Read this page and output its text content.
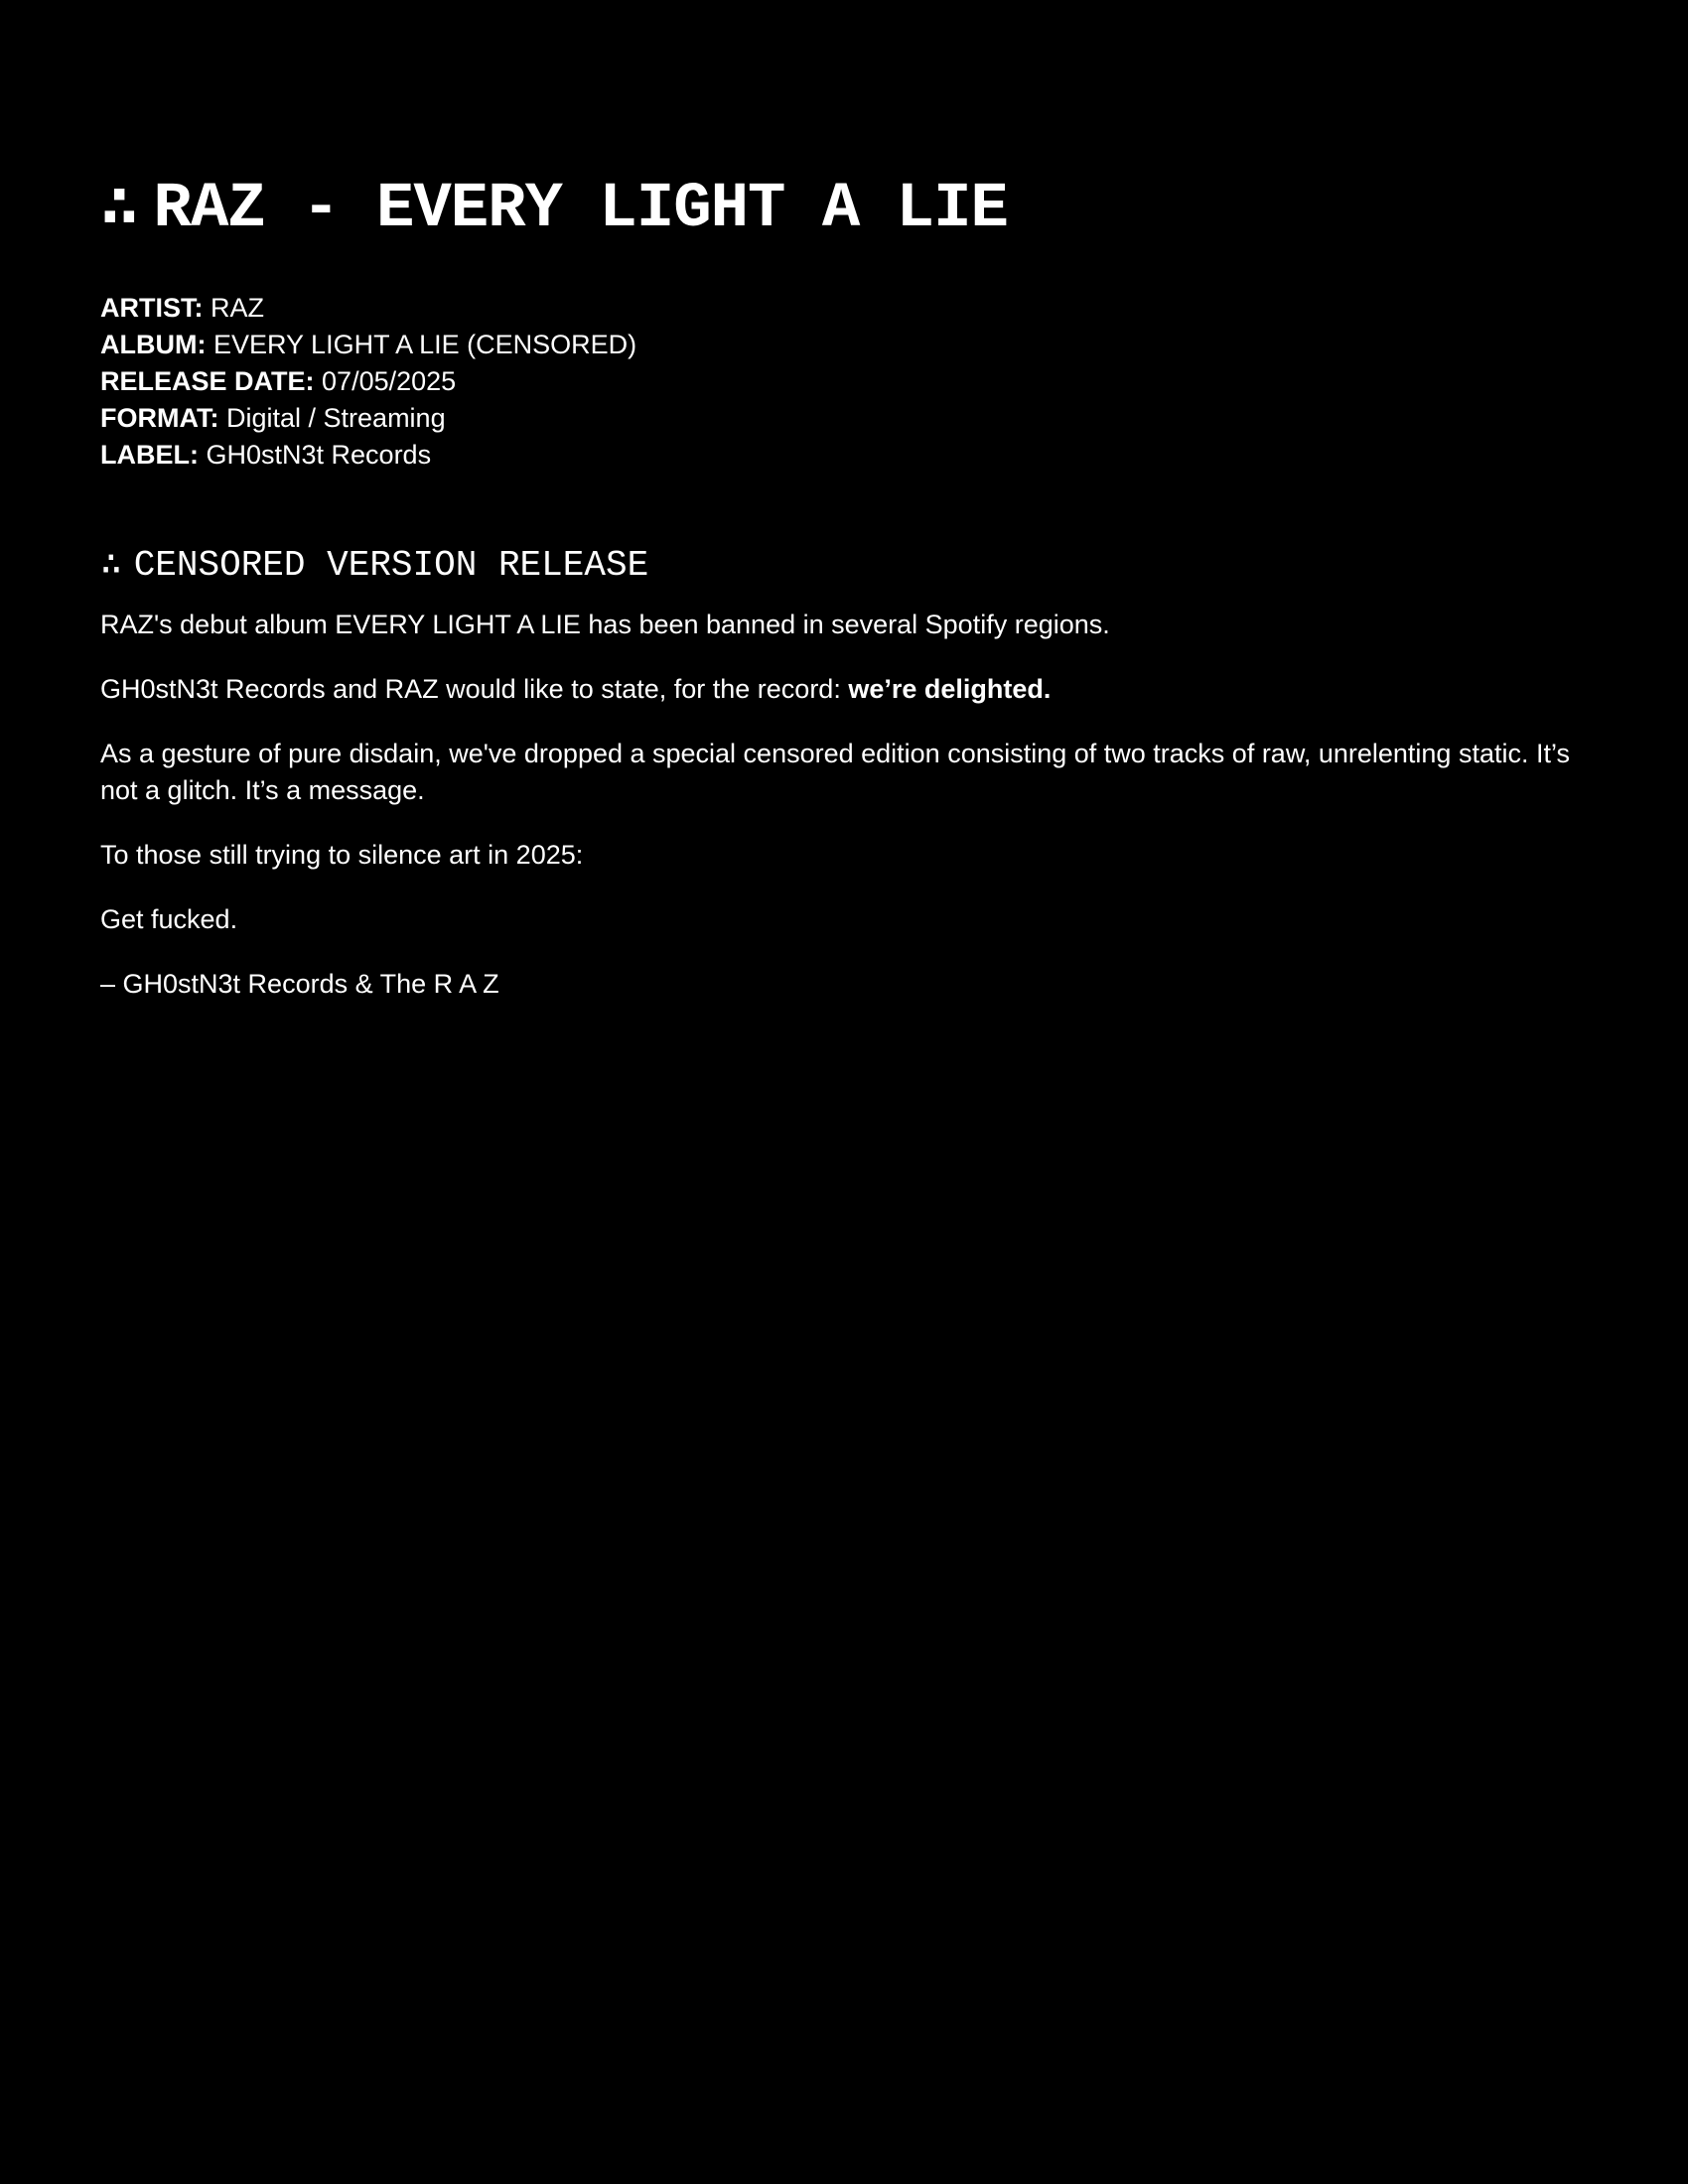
∴ RAZ - EVERY LIGHT A LIE
ARTIST: RAZ
ALBUM: EVERY LIGHT A LIE (CENSORED)
RELEASE DATE: 07/05/2025
FORMAT: Digital / Streaming
LABEL: GH0stN3t Records
∴ CENSORED VERSION RELEASE

RAZ's debut album EVERY LIGHT A LIE has been banned in several Spotify regions.

GH0stN3t Records and RAZ would like to state, for the record: we’re delighted.

As a gesture of pure disdain, we've dropped a special censored edition consisting of two tracks of raw, unrelenting static. It’s not a glitch. It’s a message.

To those still trying to silence art in 2025:

Get fucked.

– GH0stN3t Records & The R A Z
